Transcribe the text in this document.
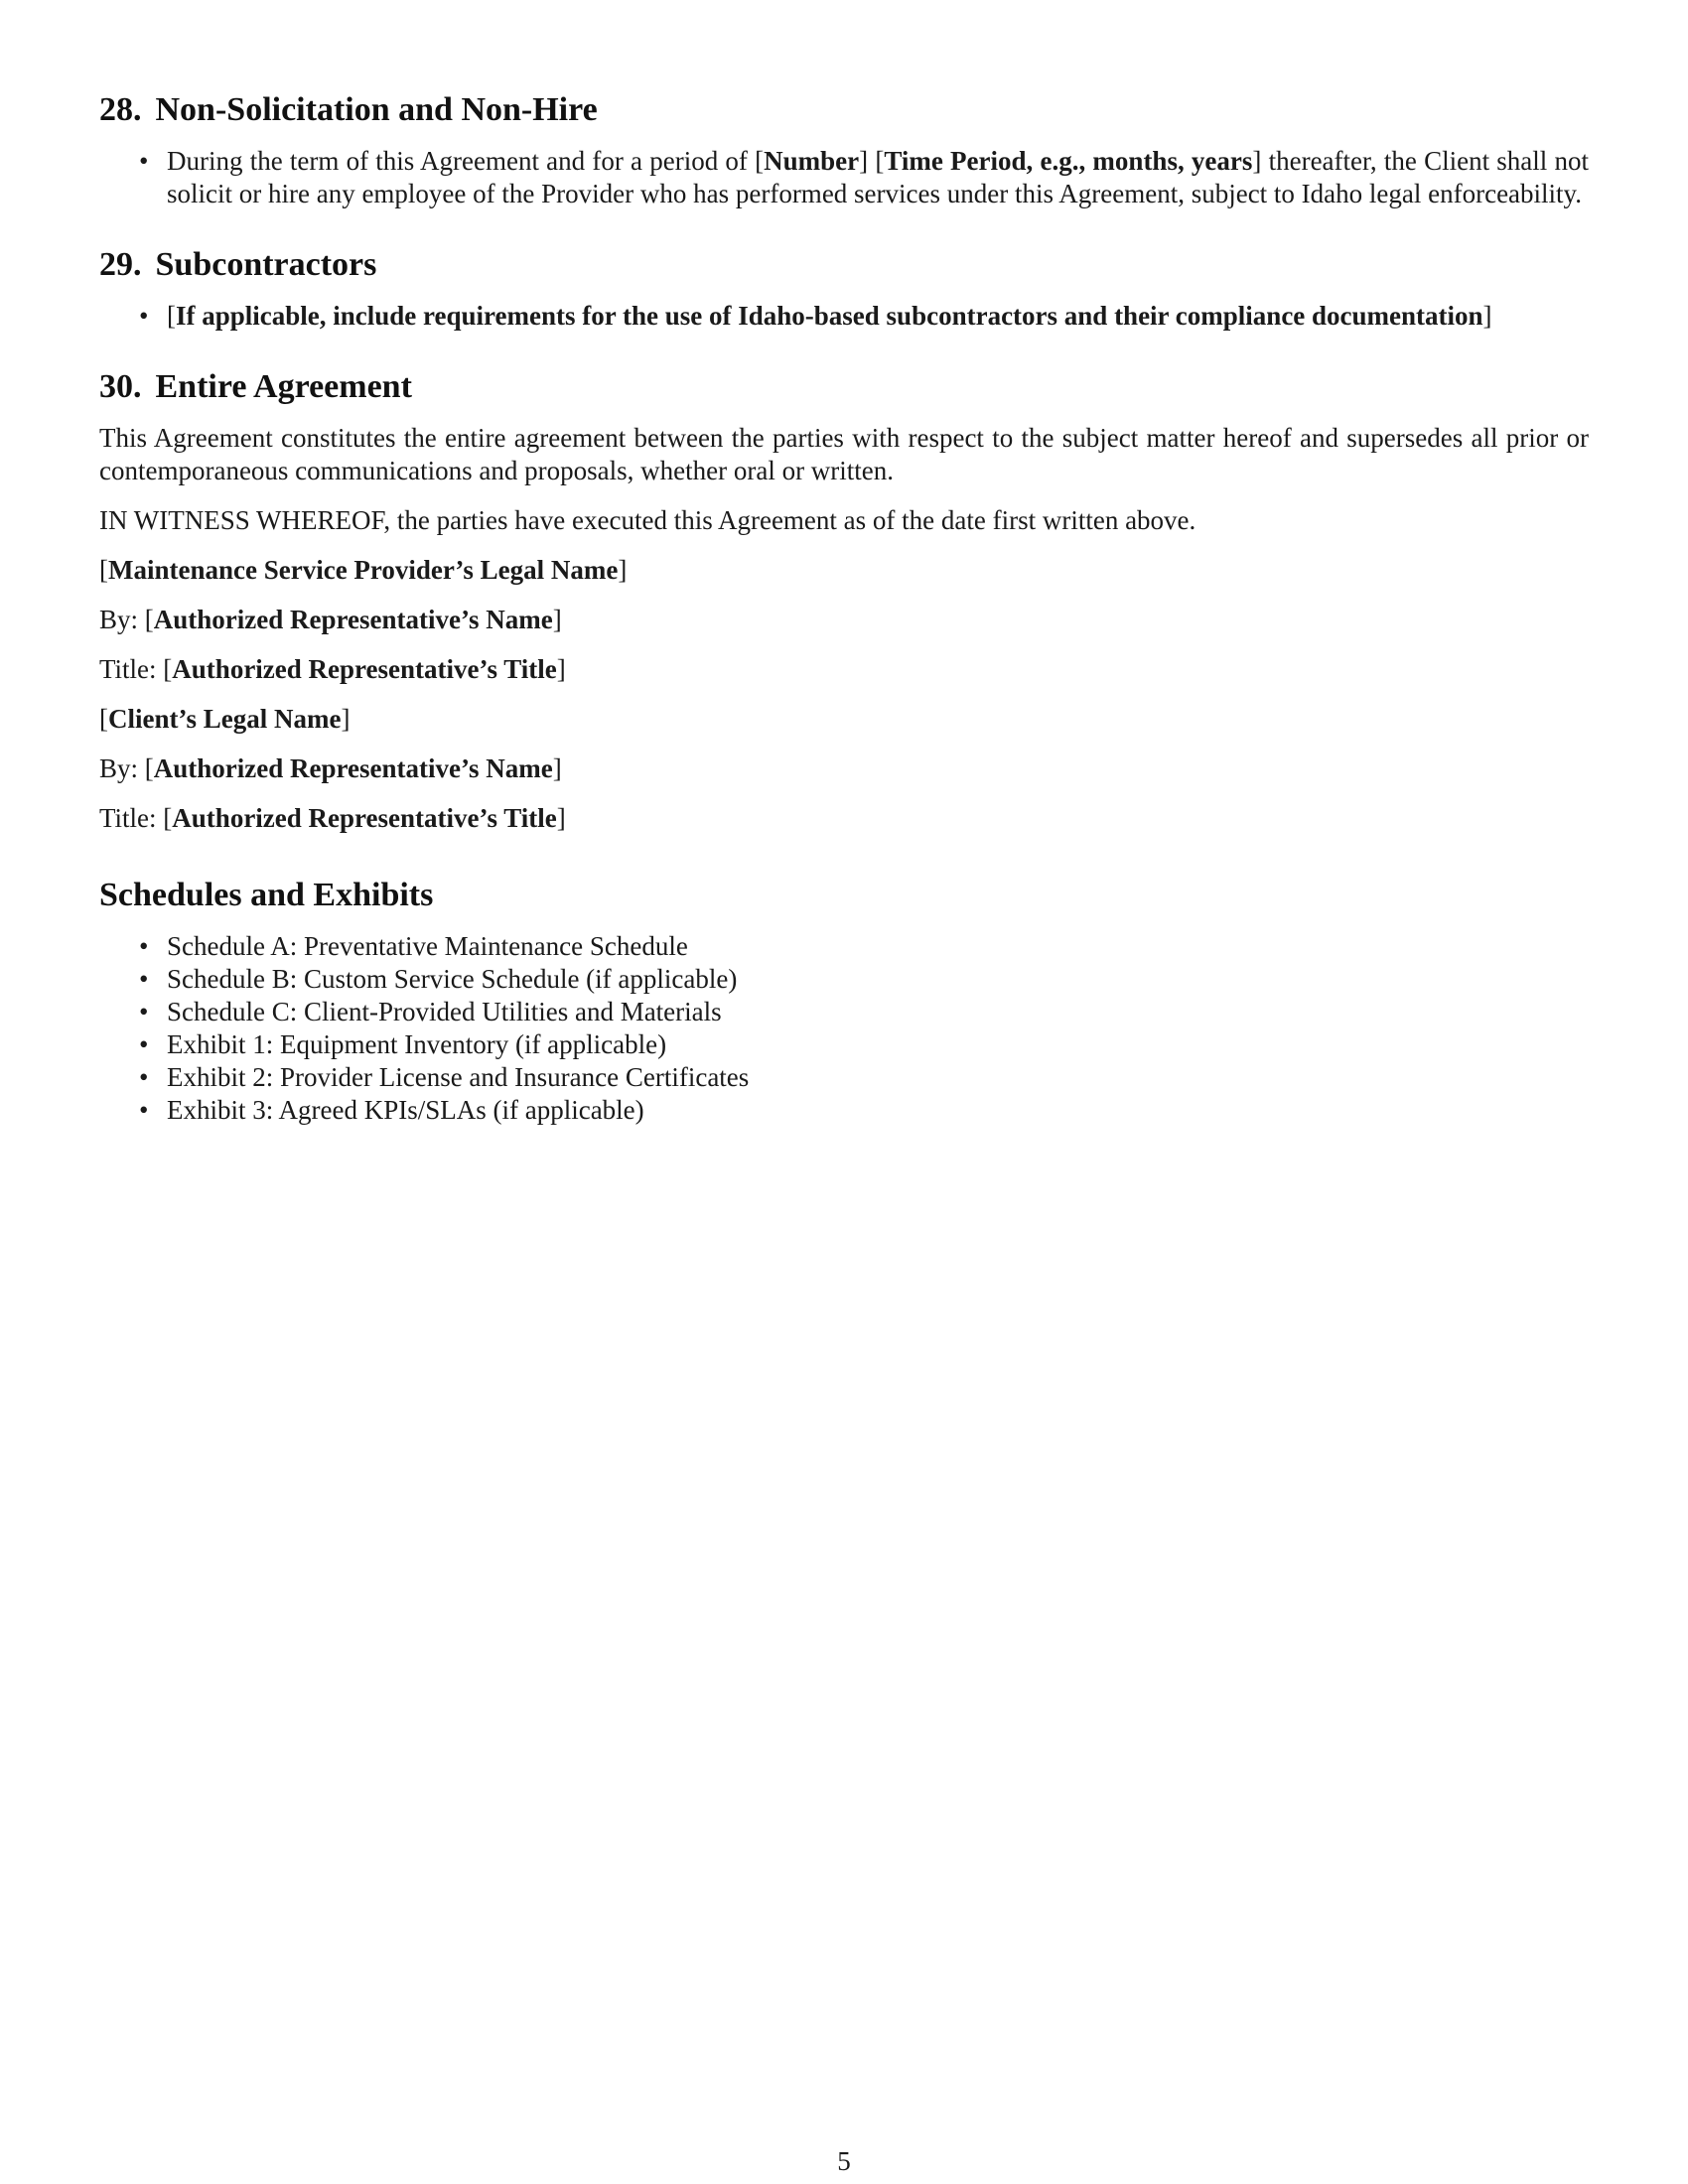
28. Non-Solicitation and Non-Hire
• During the term of this Agreement and for a period of [Number] [Time Period, e.g., months, years] thereafter, the Client shall not solicit or hire any employee of the Provider who has performed services under this Agreement, subject to Idaho legal enforceability.
29. Subcontractors
• [If applicable, include requirements for the use of Idaho-based subcontractors and their compliance documentation]
30. Entire Agreement

This Agreement constitutes the entire agreement between the parties with respect to the subject matter hereof and supersedes all prior or contemporaneous communications and proposals, whether oral or written.

IN WITNESS WHEREOF, the parties have executed this Agreement as of the date first written above.

[Maintenance Service Provider’s Legal Name]

By: [Authorized Representative’s Name]

Title: [Authorized Representative’s Title]

[Client’s Legal Name]

By: [Authorized Representative’s Name]

Title: [Authorized Representative’s Title]

Schedules and Exhibits
• Schedule A: Preventative Maintenance Schedule
• Schedule B: Custom Service Schedule (if applicable)
• Schedule C: Client-Provided Utilities and Materials
• Exhibit 1: Equipment Inventory (if applicable)
• Exhibit 2: Provider License and Insurance Certificates
• Exhibit 3: Agreed KPIs/SLAs (if applicable)
5
